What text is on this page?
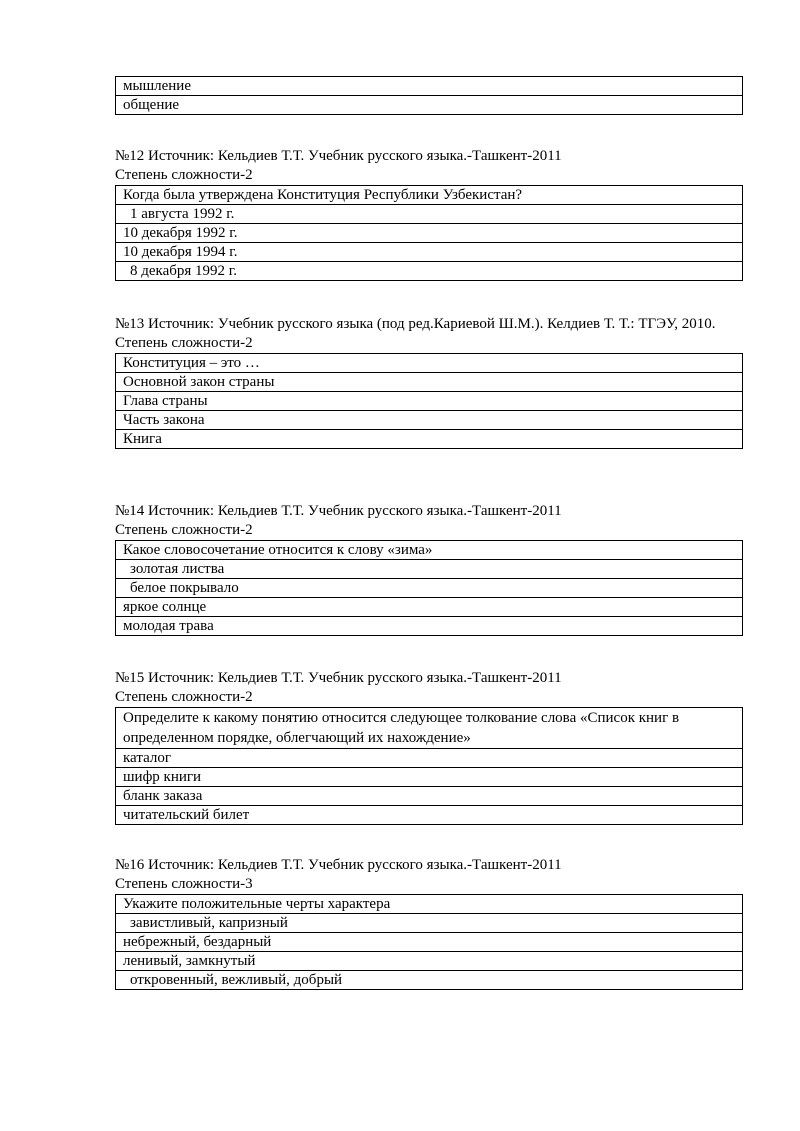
мышление
общение
№12 Источник: Кельдиев Т.Т. Учебник русского языка.-Ташкент-2011
Степень сложности-2
Когда была утверждена Конституция Республики Узбекистан?
1 августа 1992 г.
10 декабря 1992 г.
10 декабря 1994 г.
8 декабря 1992 г.
№13 Источник: Учебник русского языка (под ред.Кариевой Ш.М.). Келдиев Т. Т.: ТГЭУ, 2010.
Степень сложности-2
Конституция – это …
Основной закон страны
Глава страны
Часть закона
Книга
№14 Источник: Кельдиев Т.Т. Учебник русского языка.-Ташкент-2011
Степень сложности-2
Какое словосочетание относится к слову «зима»
золотая листва
белое покрывало
яркое солнце
молодая трава
№15 Источник: Кельдиев Т.Т. Учебник русского языка.-Ташкент-2011
Степень сложности-2
Определите к какому понятию относится следующее толкование слова «Список книг в определенном порядке, облегчающий их нахождение»
каталог
шифр книги
бланк заказа
читательский билет
№16 Источник: Кельдиев Т.Т. Учебник русского языка.-Ташкент-2011
Степень сложности-3
Укажите положительные черты характера
завистливый, капризный
небрежный, бездарный
ленивый, замкнутый
откровенный, вежливый, добрый
